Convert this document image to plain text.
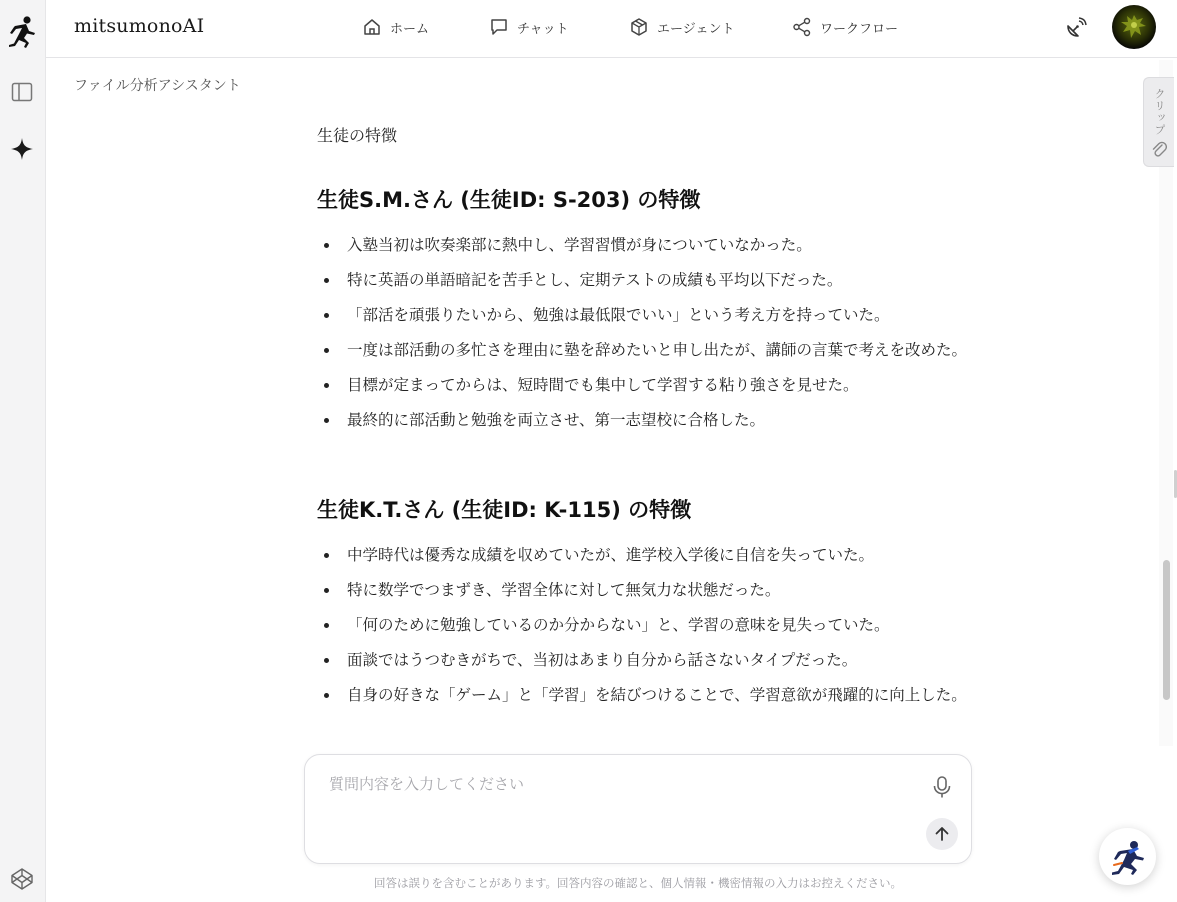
mitsumonoAI	ホーム	チャット	エージェント	ワークフロー
ファイル分析アシスタント

生徒の特徴

生徒S.M.さん (生徒ID: S-203) の特徴
入塾当初は吹奏楽部に熱中し、学習習慣が身についていなかった。
特に英語の単語暗記を苦手とし、定期テストの成績も平均以下だった。
「部活を頑張りたいから、勉強は最低限でいい」という考え方を持っていた。
一度は部活動の多忙さを理由に塾を辞めたいと申し出たが、講師の言葉で考えを改めた。
目標が定まってからは、短時間でも集中して学習する粘り強さを見せた。
最終的に部活動と勉強を両立させ、第一志望校に合格した。
生徒K.T.さん (生徒ID: K-115) の特徴
中学時代は優秀な成績を収めていたが、進学校入学後に自信を失っていた。
特に数学でつまずき、学習全体に対して無気力な状態だった。
「何のために勉強しているのか分からない」と、学習の意味を見失っていた。
面談ではうつむきがちで、当初はあまり自分から話さないタイプだった。
自身の好きな「ゲーム」と「学習」を結びつけることで、学習意欲が飛躍的に向上した。
クリップ
質問内容を入力してください
回答は誤りを含むことがあります。回答内容の確認と、個人情報・機密情報の入力はお控えください。
